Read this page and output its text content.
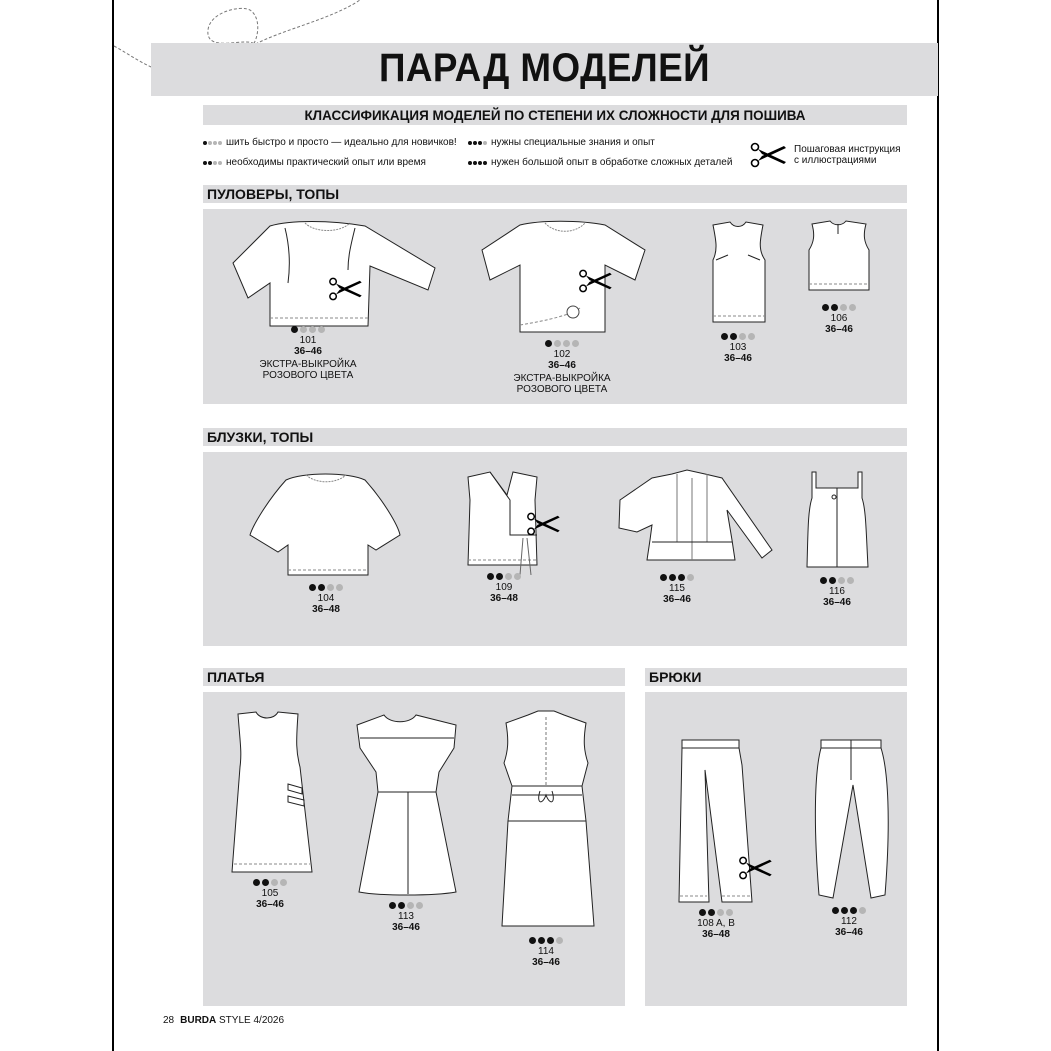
ПАРАД МОДЕЛЕЙ
КЛАССИФИКАЦИЯ МОДЕЛЕЙ ПО СТЕПЕНИ ИХ СЛОЖНОСТИ ДЛЯ ПОШИВА
шить быстро и просто — идеально для новичков!
необходимы практический опыт или время
нужны специальные знания и опыт
нужен большой опыт в обработке сложных деталей
Пошаговая инструкция
с иллюстрациями
ПУЛОВЕРЫ, ТОПЫ
101
36–46
ЭКСТРА-ВЫКРОЙКА
РОЗОВОГО ЦВЕТА
102
36–46
ЭКСТРА-ВЫКРОЙКА
РОЗОВОГО ЦВЕТА
103
36–46
106
36–46
БЛУЗКИ, ТОПЫ
104
36–48
109
36–48
115
36–46
116
36–46
ПЛАТЬЯ
105
36–46
113
36–46
114
36–46
БРЮКИ
108 A, B
36–48
112
36–46
28 BURDA STYLE 4/2026
